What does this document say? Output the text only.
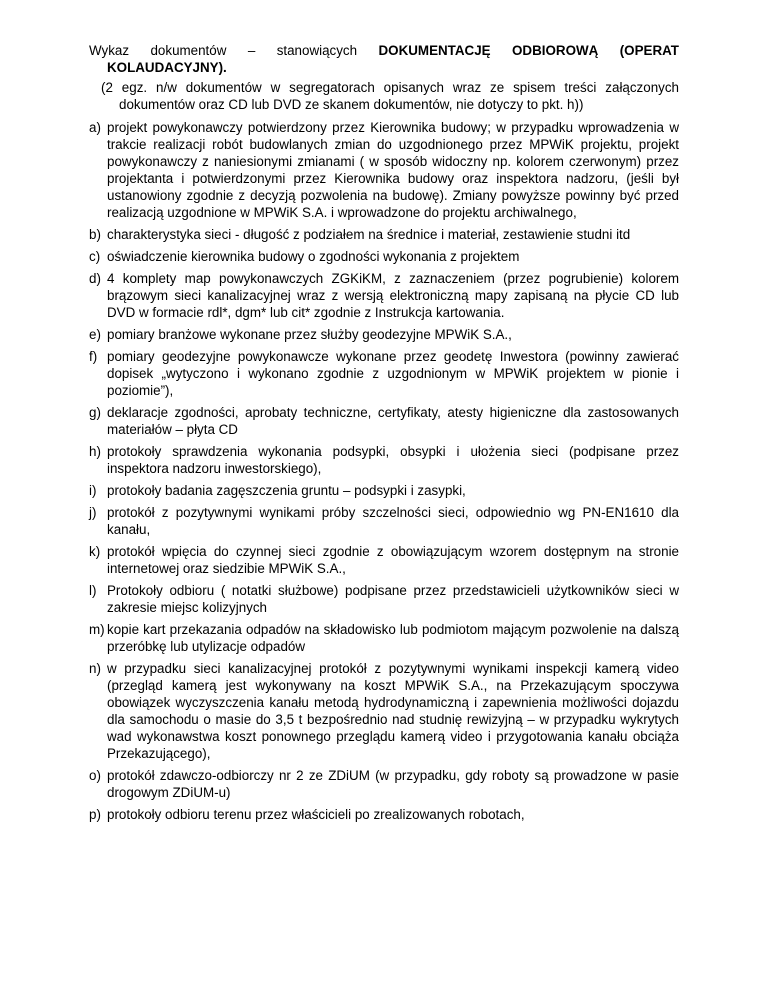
Wykaz dokumentów – stanowiących DOKUMENTACJĘ ODBIOROWĄ (OPERAT KOLAUDACYJNY).

(2 egz. n/w dokumentów w segregatorach opisanych wraz ze spisem treści załączonych dokumentów oraz CD lub DVD ze skanem dokumentów, nie dotyczy to pkt. h))

a) projekt powykonawczy potwierdzony przez Kierownika budowy; w przypadku wprowadzenia w trakcie realizacji robót budowlanych zmian do uzgodnionego przez MPWiK projektu, projekt powykonawczy z naniesionymi zmianami ( w sposób widoczny np. kolorem czerwonym) przez projektanta i potwierdzonymi przez Kierownika budowy oraz inspektora nadzoru, (jeśli był ustanowiony zgodnie z decyzją pozwolenia na budowę). Zmiany powyższe powinny być przed realizacją uzgodnione w MPWiK S.A. i wprowadzone do projektu archiwalnego,
b) charakterystyka sieci - długość z podziałem na średnice i materiał, zestawienie studni itd
c) oświadczenie kierownika budowy o zgodności wykonania z projektem
d) 4 komplety map powykonawczych ZGKiKM, z zaznaczeniem (przez pogrubienie) kolorem brązowym sieci kanalizacyjnej wraz z wersją elektroniczną mapy zapisaną na płycie CD lub DVD w formacie rdl*, dgm* lub cit* zgodnie z Instrukcja kartowania.
e) pomiary branżowe wykonane przez służby geodezyjne MPWiK S.A.,
f) pomiary geodezyjne powykonawcze wykonane przez geodetę Inwestora (powinny zawierać dopisek „wytyczono i wykonano zgodnie z uzgodnionym w MPWiK projektem w pionie i poziomie”),
g) deklaracje zgodności, aprobaty techniczne, certyfikaty, atesty higieniczne dla zastosowanych materiałów – płyta CD
h) protokoły sprawdzenia wykonania podsypki, obsypki i ułożenia sieci (podpisane przez inspektora nadzoru inwestorskiego),
i) protokoły badania zagęszczenia gruntu – podsypki i zasypki,
j) protokół z pozytywnymi wynikami próby szczelności sieci, odpowiednio wg PN-EN1610 dla kanału,
k) protokół wpięcia do czynnej sieci zgodnie z obowiązującym wzorem dostępnym na stronie internetowej oraz siedzibie MPWiK S.A.,
l) Protokoły odbioru ( notatki służbowe) podpisane przez przedstawicieli użytkowników sieci w zakresie miejsc kolizyjnych
m) kopie kart przekazania odpadów na składowisko lub podmiotom mającym pozwolenie na dalszą przeróbkę lub utylizacje odpadów
n) w przypadku sieci kanalizacyjnej protokół z pozytywnymi wynikami inspekcji kamerą video (przegląd kamerą jest wykonywany na koszt MPWiK S.A., na Przekazującym spoczywa obowiązek wyczyszczenia kanału metodą hydrodynamiczną i zapewnienia możliwości dojazdu dla samochodu o masie do 3,5 t bezpośrednio nad studnię rewizyjną – w przypadku wykrytych wad wykonawstwa koszt ponownego przeglądu kamerą video i przygotowania kanału obciąża Przekazującego),
o) protokół zdawczo-odbiorczy nr 2 ze ZDiUM (w przypadku, gdy roboty są prowadzone w pasie drogowym ZDiUM-u)
p) protokoły odbioru terenu przez właścicieli po zrealizowanych robotach,
